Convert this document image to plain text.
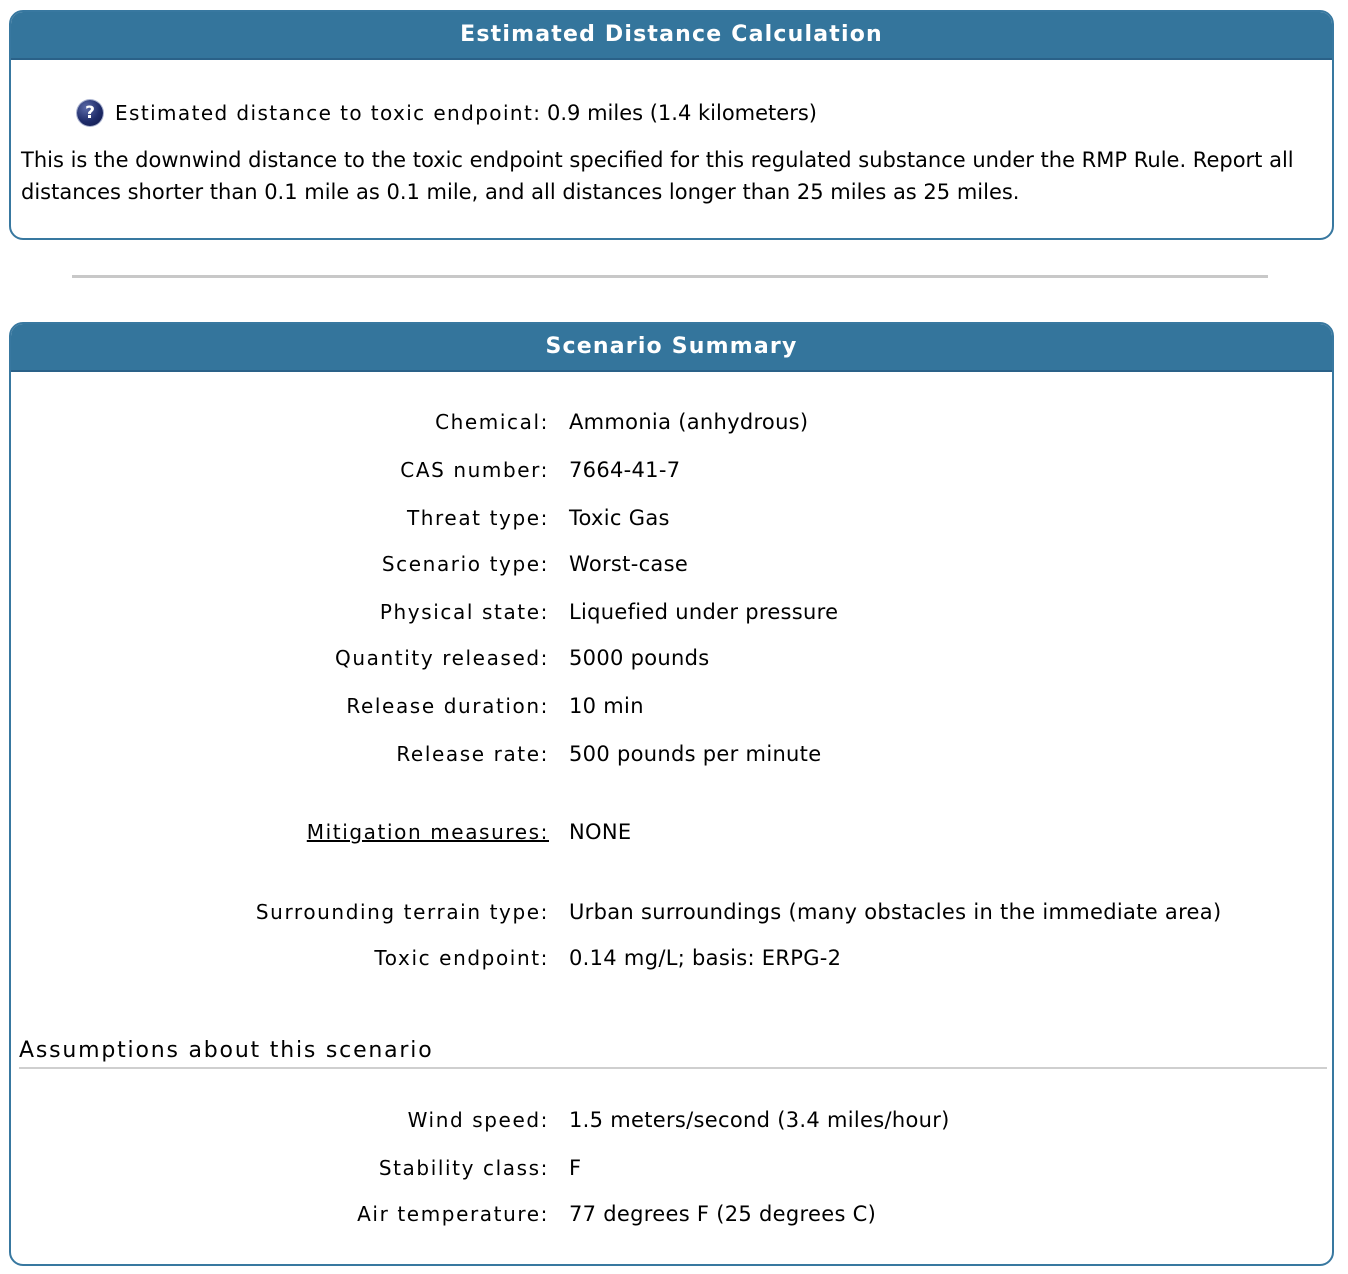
Estimated Distance Calculation
?	Estimated distance to toxic endpoint: 0.9 miles (1.4 kilometers)
This is the downwind distance to the toxic endpoint specified for this regulated substance under the RMP Rule. Report all distances shorter than 0.1 mile as 0.1 mile, and all distances longer than 25 miles as 25 miles.
Scenario Summary
Chemical: Ammonia (anhydrous)
CAS number: 7664-41-7
Threat type: Toxic Gas
Scenario type: Worst-case
Physical state: Liquefied under pressure
Quantity released: 5000 pounds
Release duration: 10 min
Release rate: 500 pounds per minute
Mitigation measures: NONE
Surrounding terrain type: Urban surroundings (many obstacles in the immediate area)
Toxic endpoint: 0.14 mg/L; basis: ERPG-2
Assumptions about this scenario
Wind speed: 1.5 meters/second (3.4 miles/hour)
Stability class: F
Air temperature: 77 degrees F (25 degrees C)
